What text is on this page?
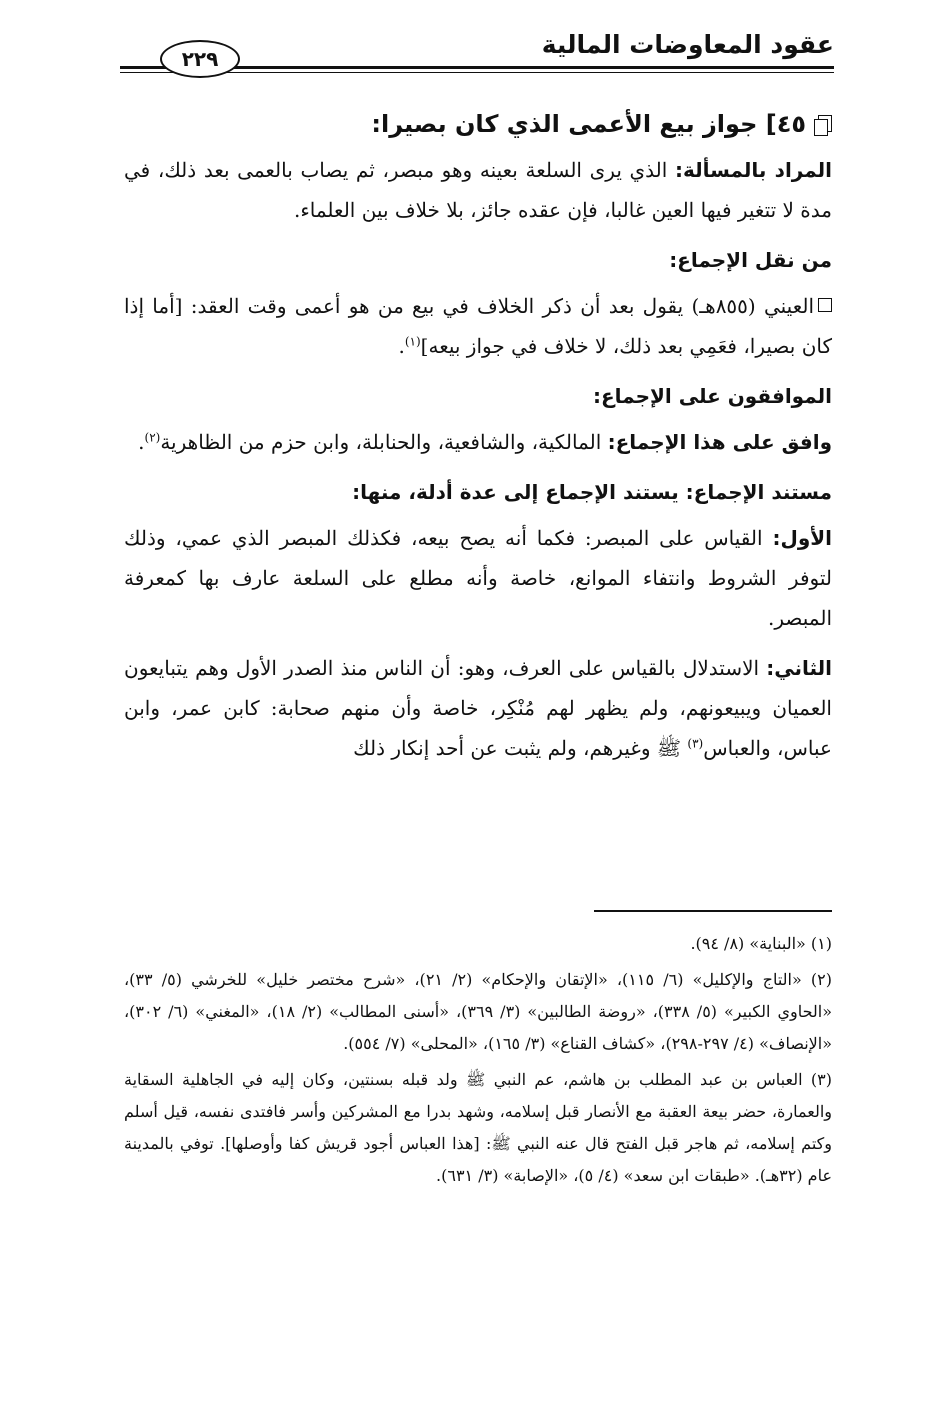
عقود المعاوضات المالية
٢٢٩
٤٥] جواز بيع الأعمى الذي كان بصيرا:

المراد بالمسألة: الذي يرى السلعة بعينه وهو مبصر، ثم يصاب بالعمى بعد ذلك، في مدة لا تتغير فيها العين غالبا، فإن عقده جائز، بلا خلاف بين العلماء.

من نقل الإجماع:

العيني (٨٥٥هـ) يقول بعد أن ذكر الخلاف في بيع من هو أعمى وقت العقد: [أما إذا كان بصيرا، فعَمِي بعد ذلك، لا خلاف في جواز بيعه]$^{(١)}$.

الموافقون على الإجماع:

وافق على هذا الإجماع: المالكية، والشافعية، والحنابلة، وابن حزم من الظاهرية$^{(٢)}$.

مستند الإجماع: يستند الإجماع إلى عدة أدلة، منها:

الأول: القياس على المبصر: فكما أنه يصح بيعه، فكذلك المبصر الذي عمي، وذلك لتوفر الشروط وانتفاء الموانع، خاصة وأنه مطلع على السلعة عارف بها كمعرفة المبصر.

الثاني: الاستدلال بالقياس على العرف، وهو: أن الناس منذ الصدر الأول وهم يتبايعون العميان ويبيعونهم، ولم يظهر لهم مُنْكِر، خاصة وأن منهم صحابة: كابن عمر، وابن عباس، والعباس$^{(٣)}$ ﷺ وغيرهم، ولم يثبت عن أحد إنكار ذلك

(١) «البناية» (٨/ ٩٤).

(٢) «التاج والإكليل» (٦/ ١١٥)، «الإتقان والإحكام» (٢/ ٢١)، «شرح مختصر خليل» للخرشي (٥/ ٣٣)، «الحاوي الكبير» (٥/ ٣٣٨)، «روضة الطالبين» (٣/ ٣٦٩)، «أسنى المطالب» (٢/ ١٨)، «المغني» (٦/ ٣٠٢)، «الإنصاف» (٤/ ٢٩٧-٢٩٨)، «كشاف القناع» (٣/ ١٦٥)، «المحلى» (٧/ ٥٥٤).

(٣) العباس بن عبد المطلب بن هاشم، عم النبي ﷺ ولد قبله بسنتين، وكان إليه في الجاهلية السقاية والعمارة، حضر بيعة العقبة مع الأنصار قبل إسلامه، وشهد بدرا مع المشركين وأسر فافتدى نفسه، قيل أسلم وكتم إسلامه، ثم هاجر قبل الفتح قال عنه النبي ﷺ: [هذا العباس أجود قريش كفا وأوصلها]. توفي بالمدينة عام (٣٢هـ). «طبقات ابن سعد» (٤/ ٥)، «الإصابة» (٣/ ٦٣١).
